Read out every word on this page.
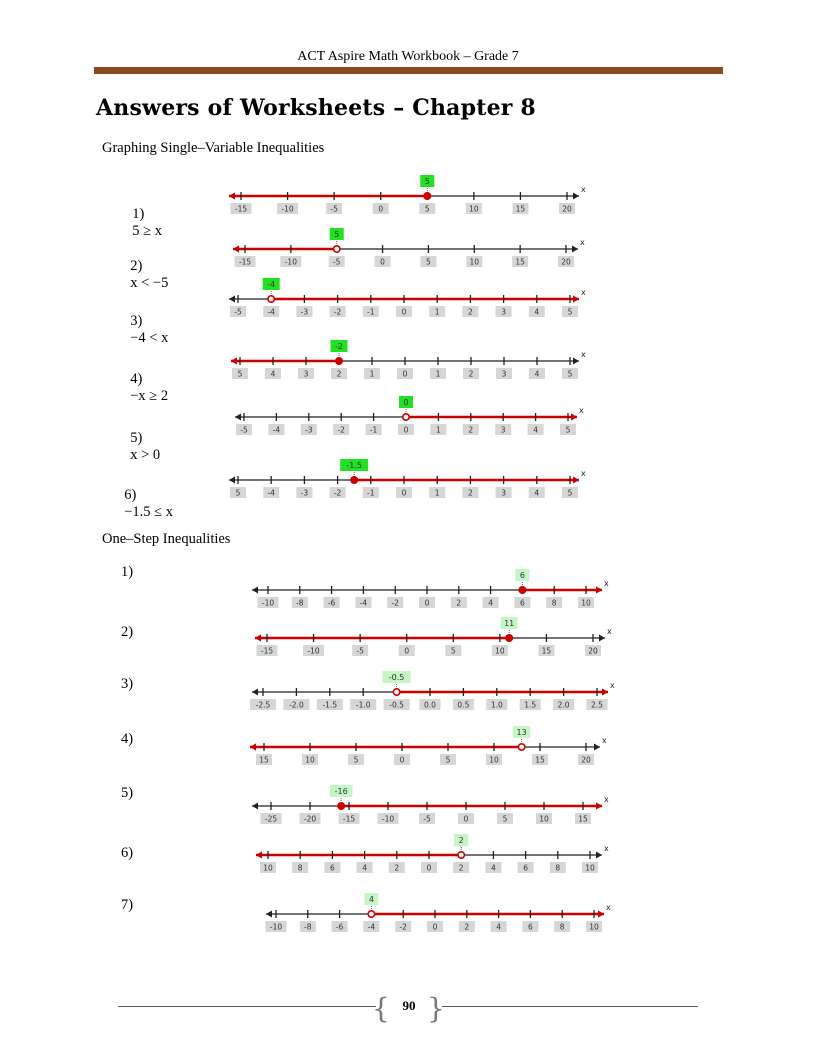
ACT Aspire Math Workbook – Grade 7
Answers of Worksheets – Chapter 8
Graphing Single–Variable Inequalities

1)
5 ≥ x

2)
x < −5

3)
−4 < x

4)
−x ≥ 2

5)
x > 0

6)
−1.5 ≤ x

One–Step Inequalities
1)
2)
3)
4)
5)
6)
7)
x
-15	-10	-5	0	5	10	15	20
5
x
-15	-10	-5	0	5	10	15	20
5
x
-5	-4	-3	-2	-1	0	1	2	3	4	5
-4
x
5	4	3	2	1	0	1	2	3	4	5
-2
x
-5	-4	-3	-2	-1	0	1	2	3	4	5
0
x
5	-4	-3	-2	-1	0	1	2	3	4	5
-1.5
x
-10	-8	-6	-4	-2	0	2	4	6	8	10
6
x
-15	-10	-5	0	5	10	15	20
11
x
-2.5	-2.0	-1.5	-1.0	-0.5	0.0	0.5	1.0	1.5	2.0	2.5
-0.5
x
15	10	5	0	5	10	15	20
13
x
-25	-20	-15	-10	-5	0	5	10	15
-16
x
10	8	6	4	2	0	2	4	6	8	10
2
x
-10	-8	-6	-4	-2	0	2	4	6	8	10
4
{ }
90
